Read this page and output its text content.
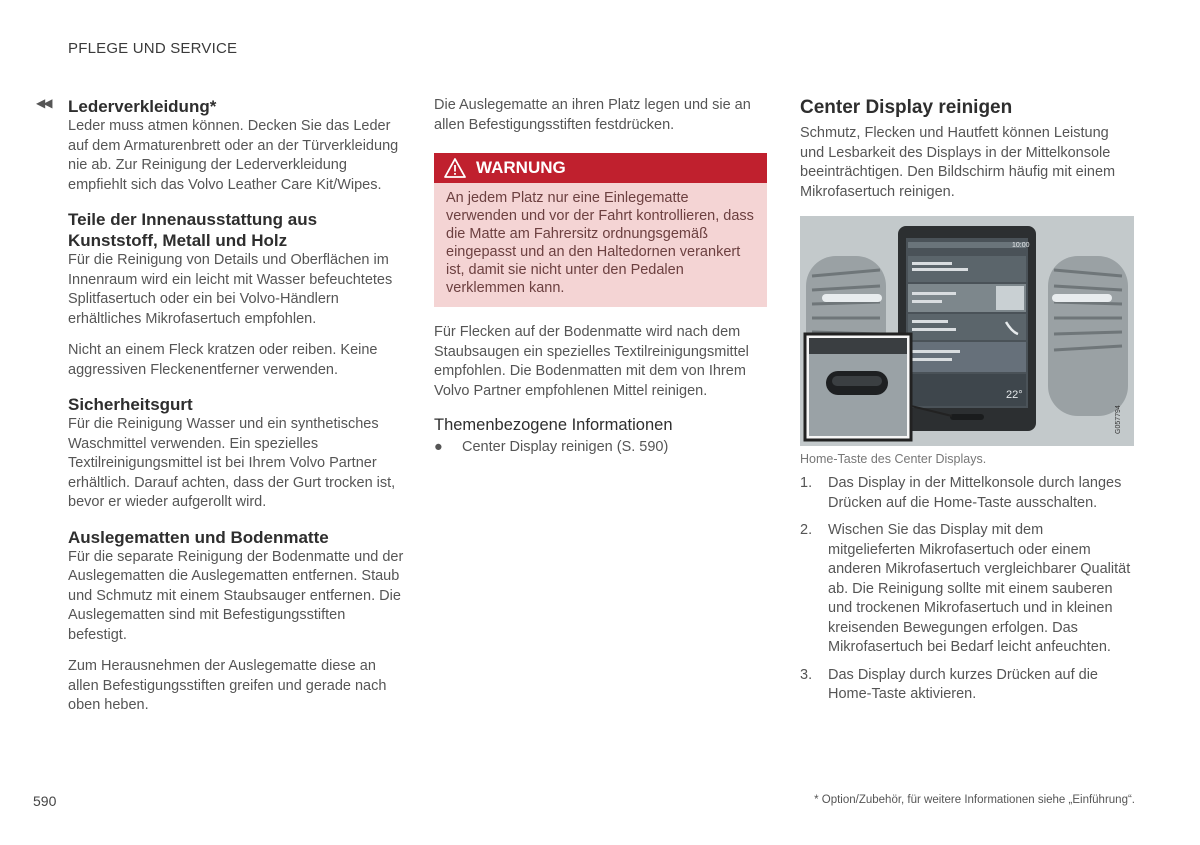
PFLEGE UND SERVICE
◀◀ Lederverkleidung*

Leder muss atmen können. Decken Sie das Leder auf dem Armaturenbrett oder an der Türverkleidung nie ab. Zur Reinigung der Lederverkleidung empfiehlt sich das Volvo Leather Care Kit/Wipes.

Teile der Innenausstattung aus Kunststoff, Metall und Holz

Für die Reinigung von Details und Oberflächen im Innenraum wird ein leicht mit Wasser befeuchtetes Splitfasertuch oder ein bei Volvo-Händlern erhältliches Mikrofasertuch empfohlen.

Nicht an einem Fleck kratzen oder reiben. Keine aggressiven Fleckenentferner verwenden.

Sicherheitsgurt

Für die Reinigung Wasser und ein synthetisches Waschmittel verwenden. Ein spezielles Textilreinigungsmittel ist bei Ihrem Volvo Partner erhältlich. Darauf achten, dass der Gurt trocken ist, bevor er wieder aufgerollt wird.

Auslegematten und Bodenmatte

Für die separate Reinigung der Bodenmatte und der Auslegematten die Auslegematten entfernen. Staub und Schmutz mit einem Staubsauger entfernen. Die Auslegematten sind mit Befestigungsstiften befestigt.

Zum Herausnehmen der Auslegematte diese an allen Befestigungsstiften greifen und gerade nach oben heben.

Die Auslegematte an ihren Platz legen und sie an allen Befestigungsstiften festdrücken.

WARNUNG
An jedem Platz nur eine Einlegematte verwenden und vor der Fahrt kontrollieren, dass die Matte am Fahrersitz ordnungsgemäß eingepasst und an den Haltedornen verankert ist, damit sie nicht unter den Pedalen verklemmen kann.

Für Flecken auf der Bodenmatte wird nach dem Staubsaugen ein spezielles Textilreinigungsmittel empfohlen. Die Bodenmatten mit dem von Ihrem Volvo Partner empfohlenen Mittel reinigen.

Themenbezogene Informationen

●	Center Display reinigen (S. 590)

Center Display reinigen

Schmutz, Flecken und Hautfett können Leistung und Lesbarkeit des Displays in der Mittelkonsole beeinträchtigen. Den Bildschirm häufig mit einem Mikrofasertuch reinigen.

10:00
22°
G057794
Home-Taste des Center Displays.
1.	Das Display in der Mittelkonsole durch langes Drücken auf die Home-Taste ausschalten.
2.	Wischen Sie das Display mit dem mitgelieferten Mikrofasertuch oder einem anderen Mikrofasertuch vergleichbarer Qualität ab. Die Reinigung sollte mit einem sauberen und trockenen Mikrofasertuch und in kleinen kreisenden Bewegungen erfolgen. Das Mikrofasertuch bei Bedarf leicht anfeuchten.
3.	Das Display durch kurzes Drücken auf die Home-Taste aktivieren.
590	* Option/Zubehör, für weitere Informationen siehe „Einführung“.
